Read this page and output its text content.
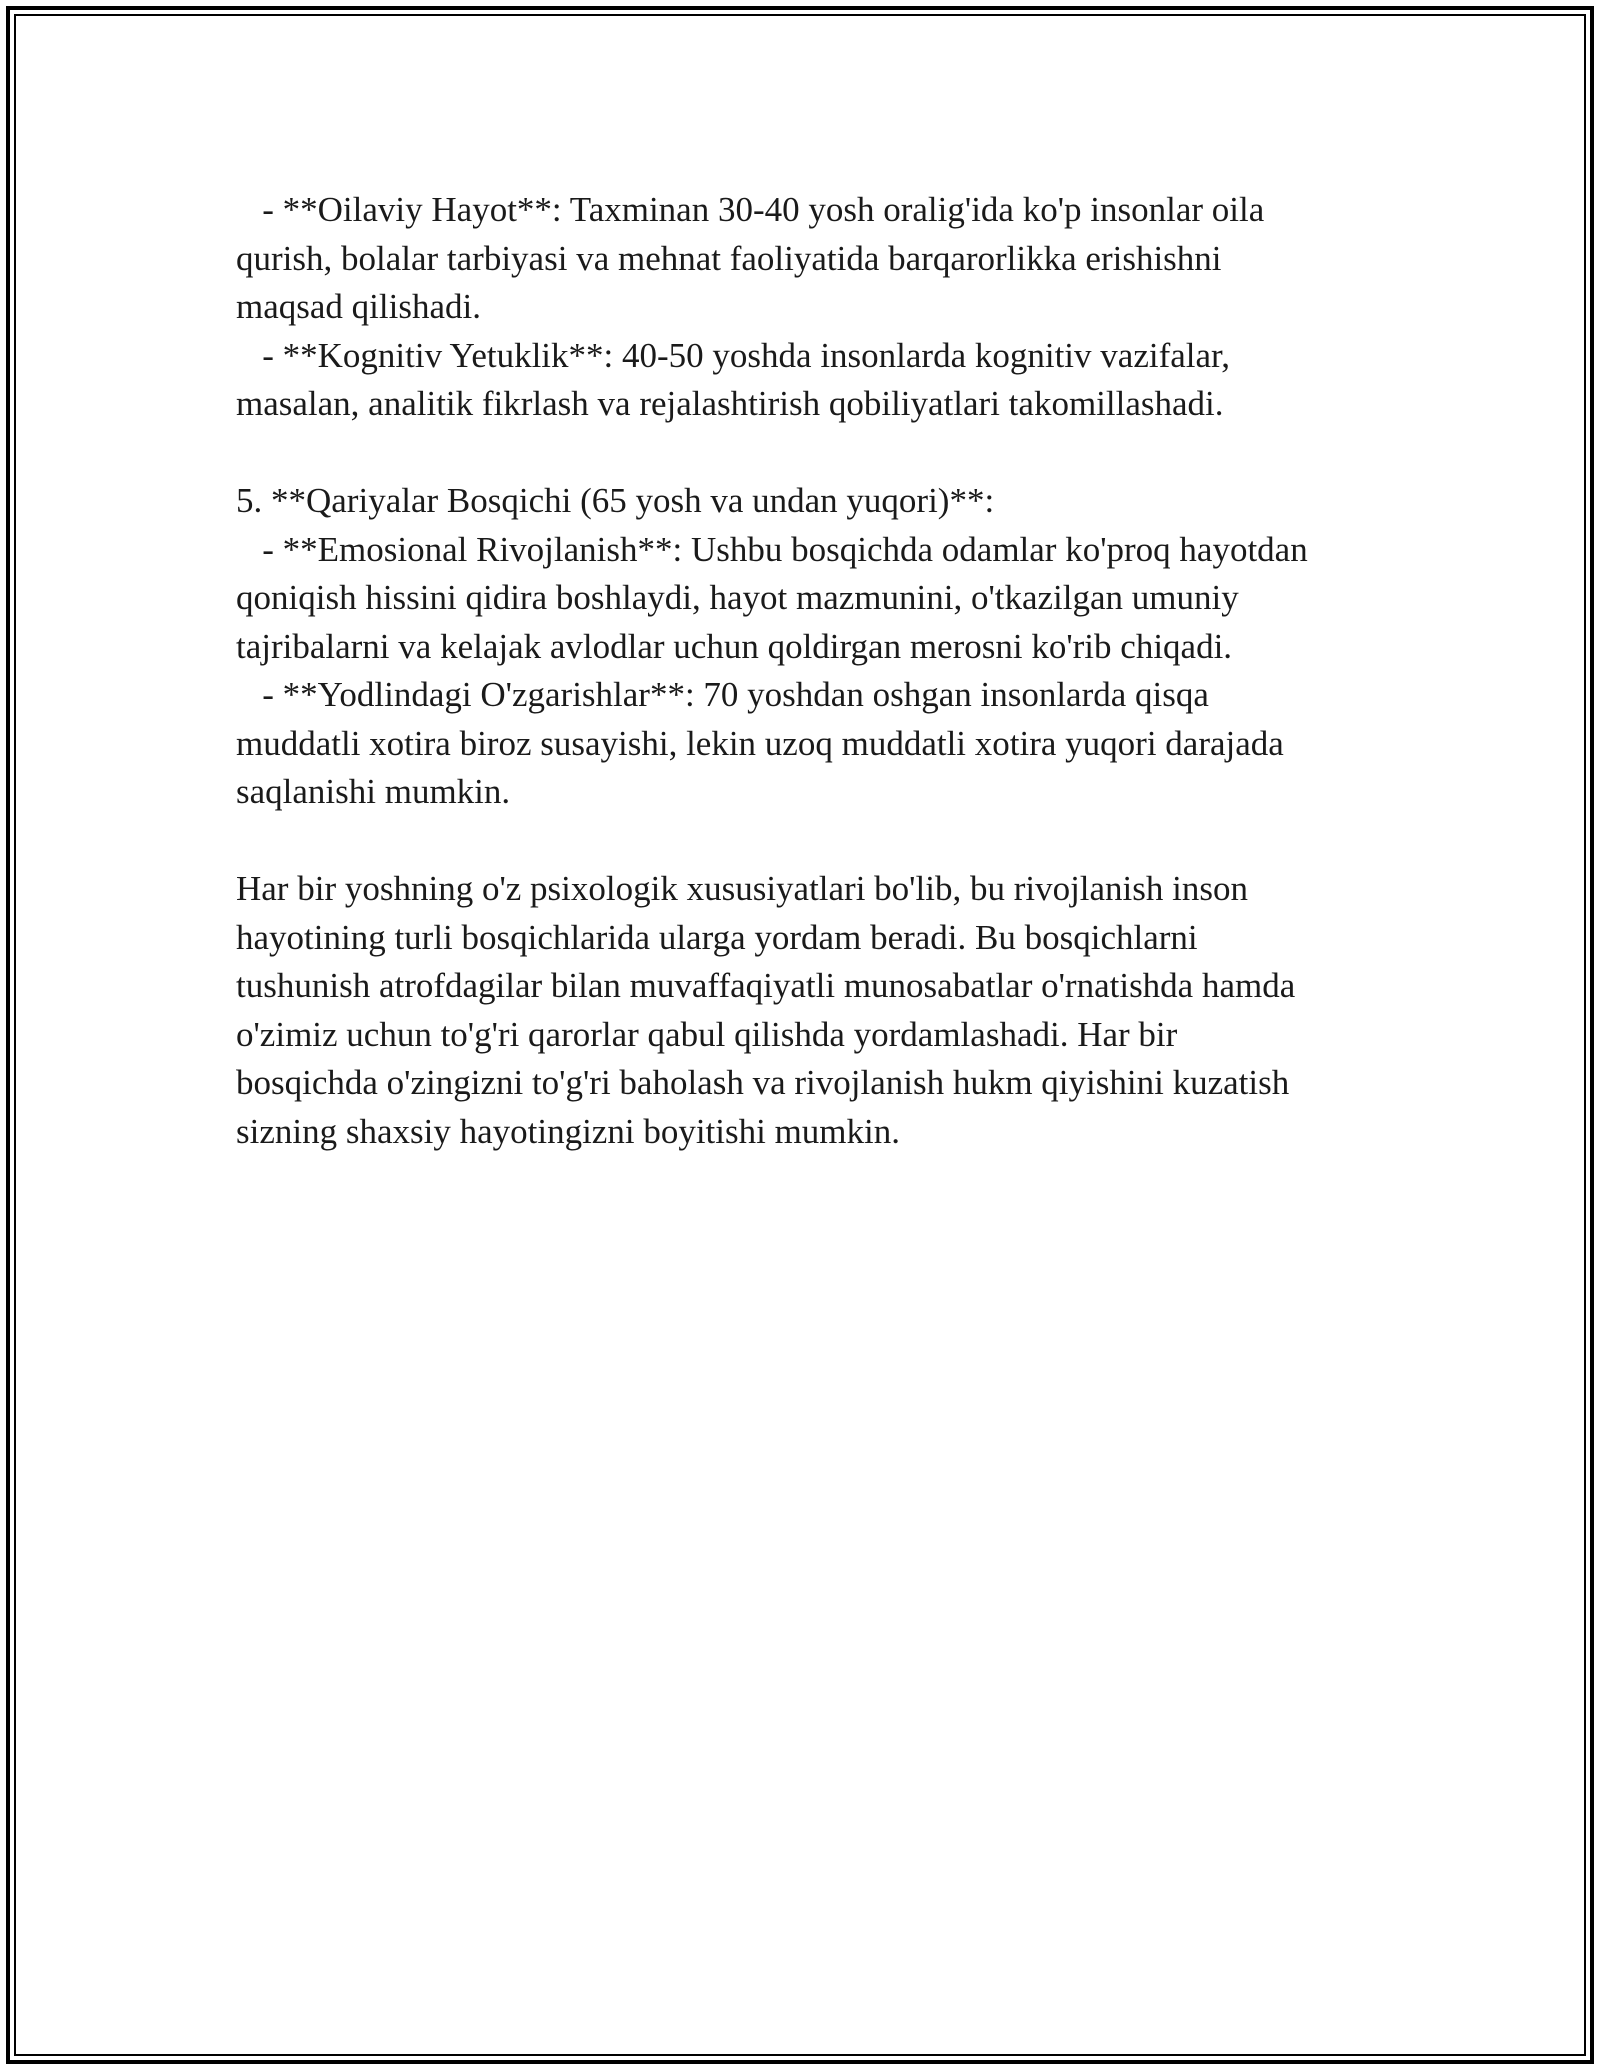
- **Oilaviy Hayot**: Taxminan 30-40 yosh oralig'ida ko'p insonlar oila
qurish, bolalar tarbiyasi va mehnat faoliyatida barqarorlikka erishishni
maqsad qilishadi.
- **Kognitiv Yetuklik**: 40-50 yoshda insonlarda kognitiv vazifalar,
masalan, analitik fikrlash va rejalashtirish qobiliyatlari takomillashadi.
5. **Qariyalar Bosqichi (65 yosh va undan yuqori)**:
- **Emosional Rivojlanish**: Ushbu bosqichda odamlar ko'proq hayotdan
qoniqish hissini qidira boshlaydi, hayot mazmunini, o'tkazilgan umuniy
tajribalarni va kelajak avlodlar uchun qoldirgan merosni ko'rib chiqadi.
- **Yodlindagi O'zgarishlar**: 70 yoshdan oshgan insonlarda qisqa
muddatli xotira biroz susayishi, lekin uzoq muddatli xotira yuqori darajada
saqlanishi mumkin.
Har bir yoshning o'z psixologik xususiyatlari bo'lib, bu rivojlanish inson
hayotining turli bosqichlarida ularga yordam beradi. Bu bosqichlarni
tushunish atrofdagilar bilan muvaffaqiyatli munosabatlar o'rnatishda hamda
o'zimiz uchun to'g'ri qarorlar qabul qilishda yordamlashadi. Har bir
bosqichda o'zingizni to'g'ri baholash va rivojlanish hukm qiyishini kuzatish
sizning shaxsiy hayotingizni boyitishi mumkin.
